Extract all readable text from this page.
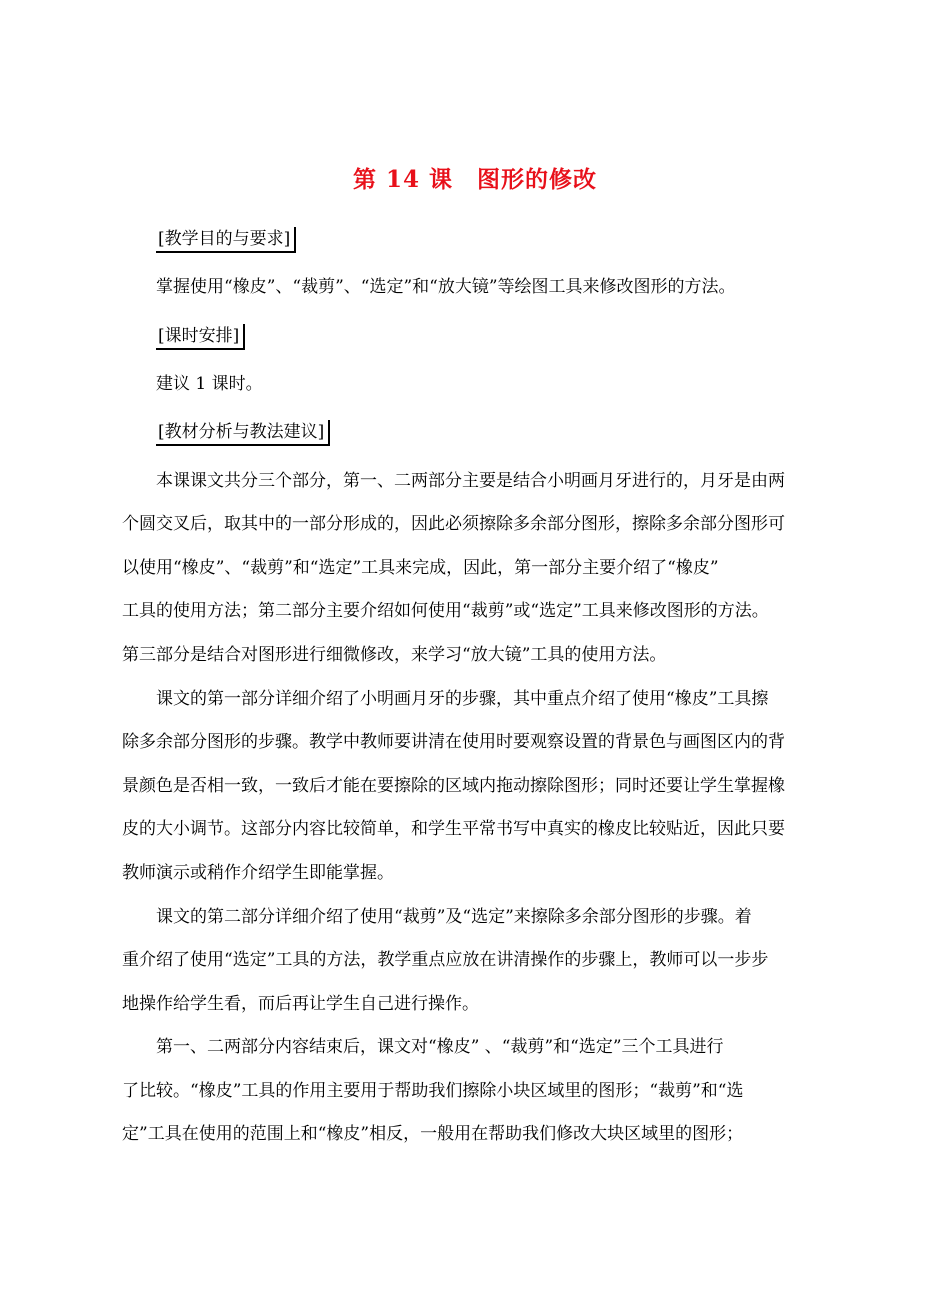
第 14 课　图形的修改
[教学目的与要求]
掌握使用“橡皮”、“裁剪”、“选定”和“放大镜”等绘图工具来修改图形的方法。
[课时安排]
建议 1 课时。
[教材分析与教法建议]
本课课文共分三个部分，第一、二两部分主要是结合小明画月牙进行的，月牙是由两
个圆交叉后，取其中的一部分形成的，因此必须擦除多余部分图形，擦除多余部分图形可
以使用“橡皮”、“裁剪”和“选定”工具来完成，因此，第一部分主要介绍了“橡皮”
工具的使用方法；第二部分主要介绍如何使用“裁剪”或“选定”工具来修改图形的方法。
第三部分是结合对图形进行细微修改，来学习“放大镜”工具的使用方法。
课文的第一部分详细介绍了小明画月牙的步骤，其中重点介绍了使用“橡皮”工具擦
除多余部分图形的步骤。教学中教师要讲清在使用时要观察设置的背景色与画图区内的背
景颜色是否相一致，一致后才能在要擦除的区域内拖动擦除图形；同时还要让学生掌握橡
皮的大小调节。这部分内容比较简单，和学生平常书写中真实的橡皮比较贴近，因此只要
教师演示或稍作介绍学生即能掌握。
课文的第二部分详细介绍了使用“裁剪”及“选定”来擦除多余部分图形的步骤。着
重介绍了使用“选定”工具的方法，教学重点应放在讲清操作的步骤上，教师可以一步步
地操作给学生看，而后再让学生自己进行操作。
第一、二两部分内容结束后，课文对“橡皮” 、“裁剪”和“选定”三个工具进行
了比较。“橡皮”工具的作用主要用于帮助我们擦除小块区域里的图形；“裁剪”和“选
定”工具在使用的范围上和“橡皮”相反，一般用在帮助我们修改大块区域里的图形；
